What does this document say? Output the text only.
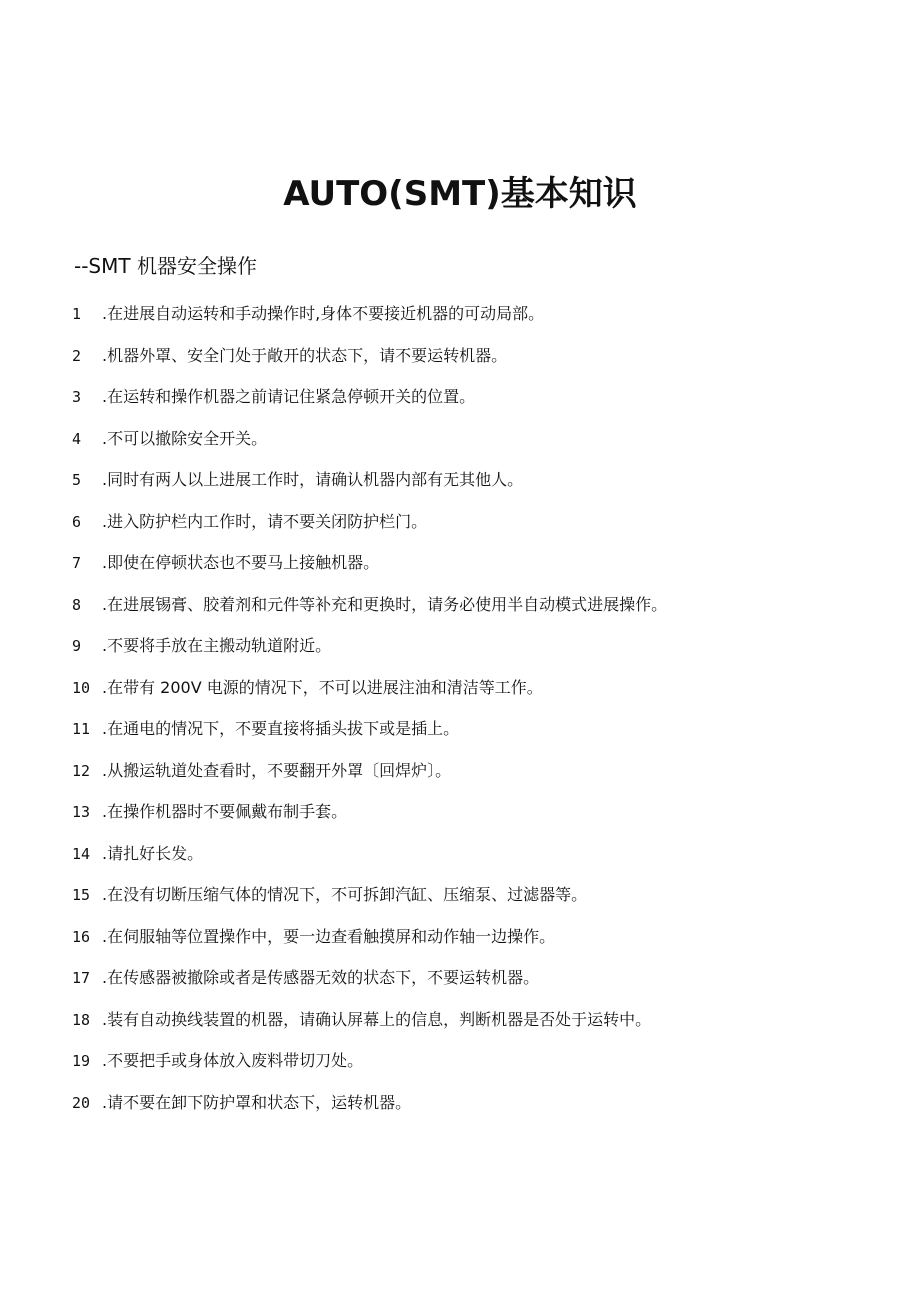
AUTO(SMT)基本知识
--SMT 机器安全操作
1	.在进展自动运转和手动操作时,身体不要接近机器的可动局部。
2	.机器外罩、安全门处于敞开的状态下，请不要运转机器。
3	.在运转和操作机器之前请记住紧急停顿开关的位置。
4	.不可以撤除安全开关。
5	.同时有两人以上进展工作时，请确认机器内部有无其他人。
6	.进入防护栏内工作时，请不要关闭防护栏门。
7	.即使在停顿状态也不要马上接触机器。
8	.在进展锡膏、胶着剂和元件等补充和更换时，请务必使用半自动模式进展操作。
9	.不要将手放在主搬动轨道附近。
10 .在带有 200V 电源的情况下，不可以进展注油和清洁等工作。
11 .在通电的情况下，不要直接将插头拔下或是插上。
12 .从搬运轨道处查看时，不要翻开外罩〔回焊炉〕。
13 .在操作机器时不要佩戴布制手套。
14 .请扎好长发。
15 .在没有切断压缩气体的情况下，不可拆卸汽缸、压缩泵、过滤器等。
16 .在伺服轴等位置操作中，要一边查看触摸屏和动作轴一边操作。
17 .在传感器被撤除或者是传感器无效的状态下，不要运转机器。
18 .装有自动换线装置的机器，请确认屏幕上的信息，判断机器是否处于运转中。
19 .不要把手或身体放入废料带切刀处。
20 .请不要在卸下防护罩和状态下，运转机器。
